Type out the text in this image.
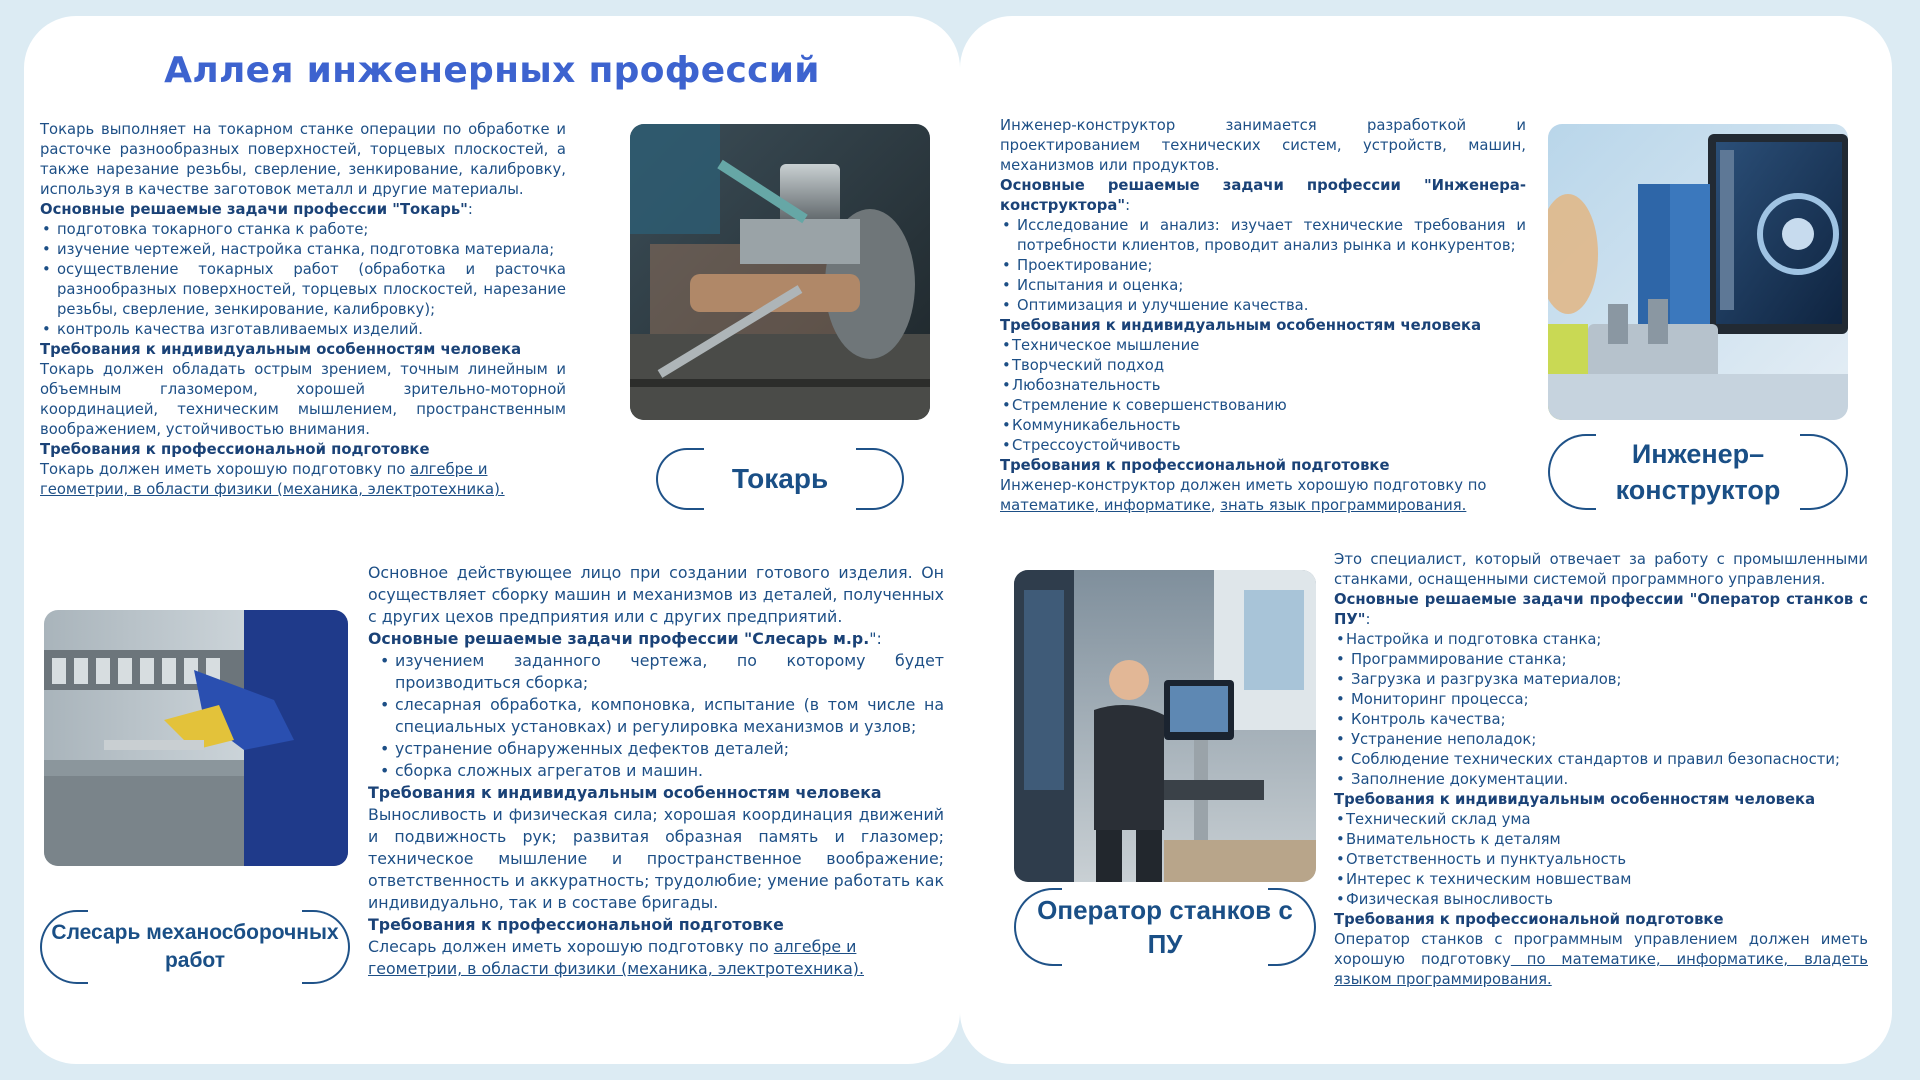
Аллея инженерных профессий

Токарь выполняет на токарном станке операции по обработке и расточке разнообразных поверхностей, торцевых плоскостей, а также нарезание резьбы, сверление, зенкирование, калибровку, используя в качестве заготовок металл и другие материалы.

Основные решаемые задачи профессии "Токарь":

• подготовка токарного станка к работе;
• изучение чертежей, настройка станка, подготовка материала;
• осуществление токарных работ (обработка и расточка разнообразных поверхностей, торцевых плоскостей, нарезание резьбы, сверление, зенкирование, калибровку);
• контроль качества изготавливаемых изделий.

Требования к индивидуальным особенностям человека

Токарь должен обладать острым зрением, точным линейным и объемным глазомером, хорошей зрительно-моторной координацией, техническим мышлением, пространственным воображением, устойчивостью внимания.

Требования к профессиональной подготовке

Токарь должен иметь хорошую подготовку по алгебре и геометрии, в области физики (механика, электротехника).	Токарь
Слесарь механосборочных
работ

Основное действующее лицо при создании готового изделия. Он осуществляет сборку машин и механизмов из деталей, полученных с других цехов предприятия или с других предприятий.

Основные решаемые задачи профессии "Слесарь м.р.":

• изучением заданного чертежа, по которому будет производиться сборка;
• слесарная обработка, компоновка, испытание (в том числе на специальных установках) и регулировка механизмов и узлов;
• устранение обнаруженных дефектов деталей;
• сборка сложных агрегатов и машин.

Требования к индивидуальным особенностям человека

Выносливость и физическая сила; хорошая координация движений и подвижность рук; развитая образная память и глазомер; техническое мышление и пространственное воображение; ответственность и аккуратность; трудолюбие; умение работать как индивидуально, так и в составе бригады.

Требования к профессиональной подготовке

Слесарь должен иметь хорошую подготовку по алгебре и геометрии, в области физики (механика, электротехника).

Инженер-конструктор занимается разработкой и проектированием технических систем, устройств, машин, механизмов или продуктов.

Основные решаемые задачи профессии "Инженера-конструктора":

• Исследование и анализ: изучает технические требования и потребности клиентов, проводит анализ рынка и конкурентов;
• Проектирование;
• Испытания и оценка;
• Оптимизация и улучшение качества.

Требования к индивидуальным особенностям человека

• Техническое мышление
• Творческий подход
• Любознательность
• Стремление к совершенствованию
• Коммуникабельность
• Стрессоустойчивость

Требования к профессиональной подготовке

Инженер-конструктор должен иметь хорошую подготовку по математике, информатике, знать язык программирования.

Инженер–
конструктор
Оператор станков с
ПУ

Это специалист, который отвечает за работу с промышленными станками, оснащенными системой программного управления.

Основные решаемые задачи профессии "Оператор станков с ПУ":

• Настройка и подготовка станка;
• Программирование станка;
• Загрузка и разгрузка материалов;
• Мониторинг процесса;
• Контроль качества;
• Устранение неполадок;
• Соблюдение технических стандартов и правил безопасности;
• Заполнение документации.

Требования к индивидуальным особенностям человека

• Технический склад ума
• Внимательность к деталям
• Ответственность и пунктуальность
• Интерес к техническим новшествам
• Физическая выносливость

Требования к профессиональной подготовке

Оператор станков с программным управлением должен иметь хорошую подготовку по математике, информатике, владеть языком программирования.
